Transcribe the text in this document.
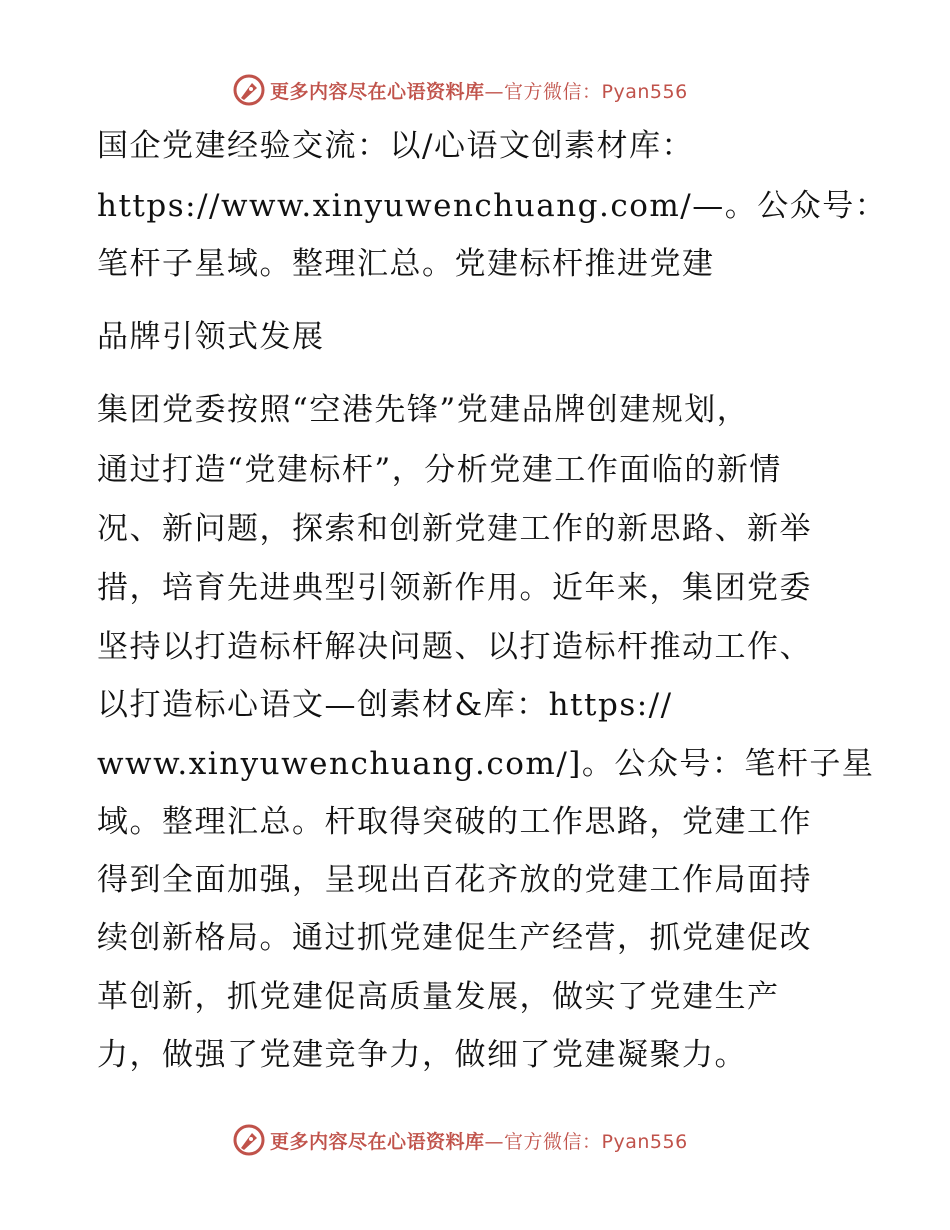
更多内容尽在心语资料库—官方微信：Pyan556
国企党建经验交流：以/心语文创素材库：
https://www.xinyuwenchuang.com/—。公众号：
笔杆子星域。整理汇总。党建标杆推进党建
品牌引领式发展
集团党委按照“空港先锋”党建品牌创建规划，
通过打造“党建标杆”，分析党建工作面临的新情
况、新问题，探索和创新党建工作的新思路、新举
措，培育先进典型引领新作用。近年来，集团党委
坚持以打造标杆解决问题、以打造标杆推动工作、
以打造标心语文—创素材&库：https://
www.xinyuwenchuang.com/]。公众号：笔杆子星
域。整理汇总。杆取得突破的工作思路，党建工作
得到全面加强，呈现出百花齐放的党建工作局面持
续创新格局。通过抓党建促生产经营，抓党建促改
革创新，抓党建促高质量发展，做实了党建生产
力，做强了党建竞争力，做细了党建凝聚力。
更多内容尽在心语资料库—官方微信：Pyan556
